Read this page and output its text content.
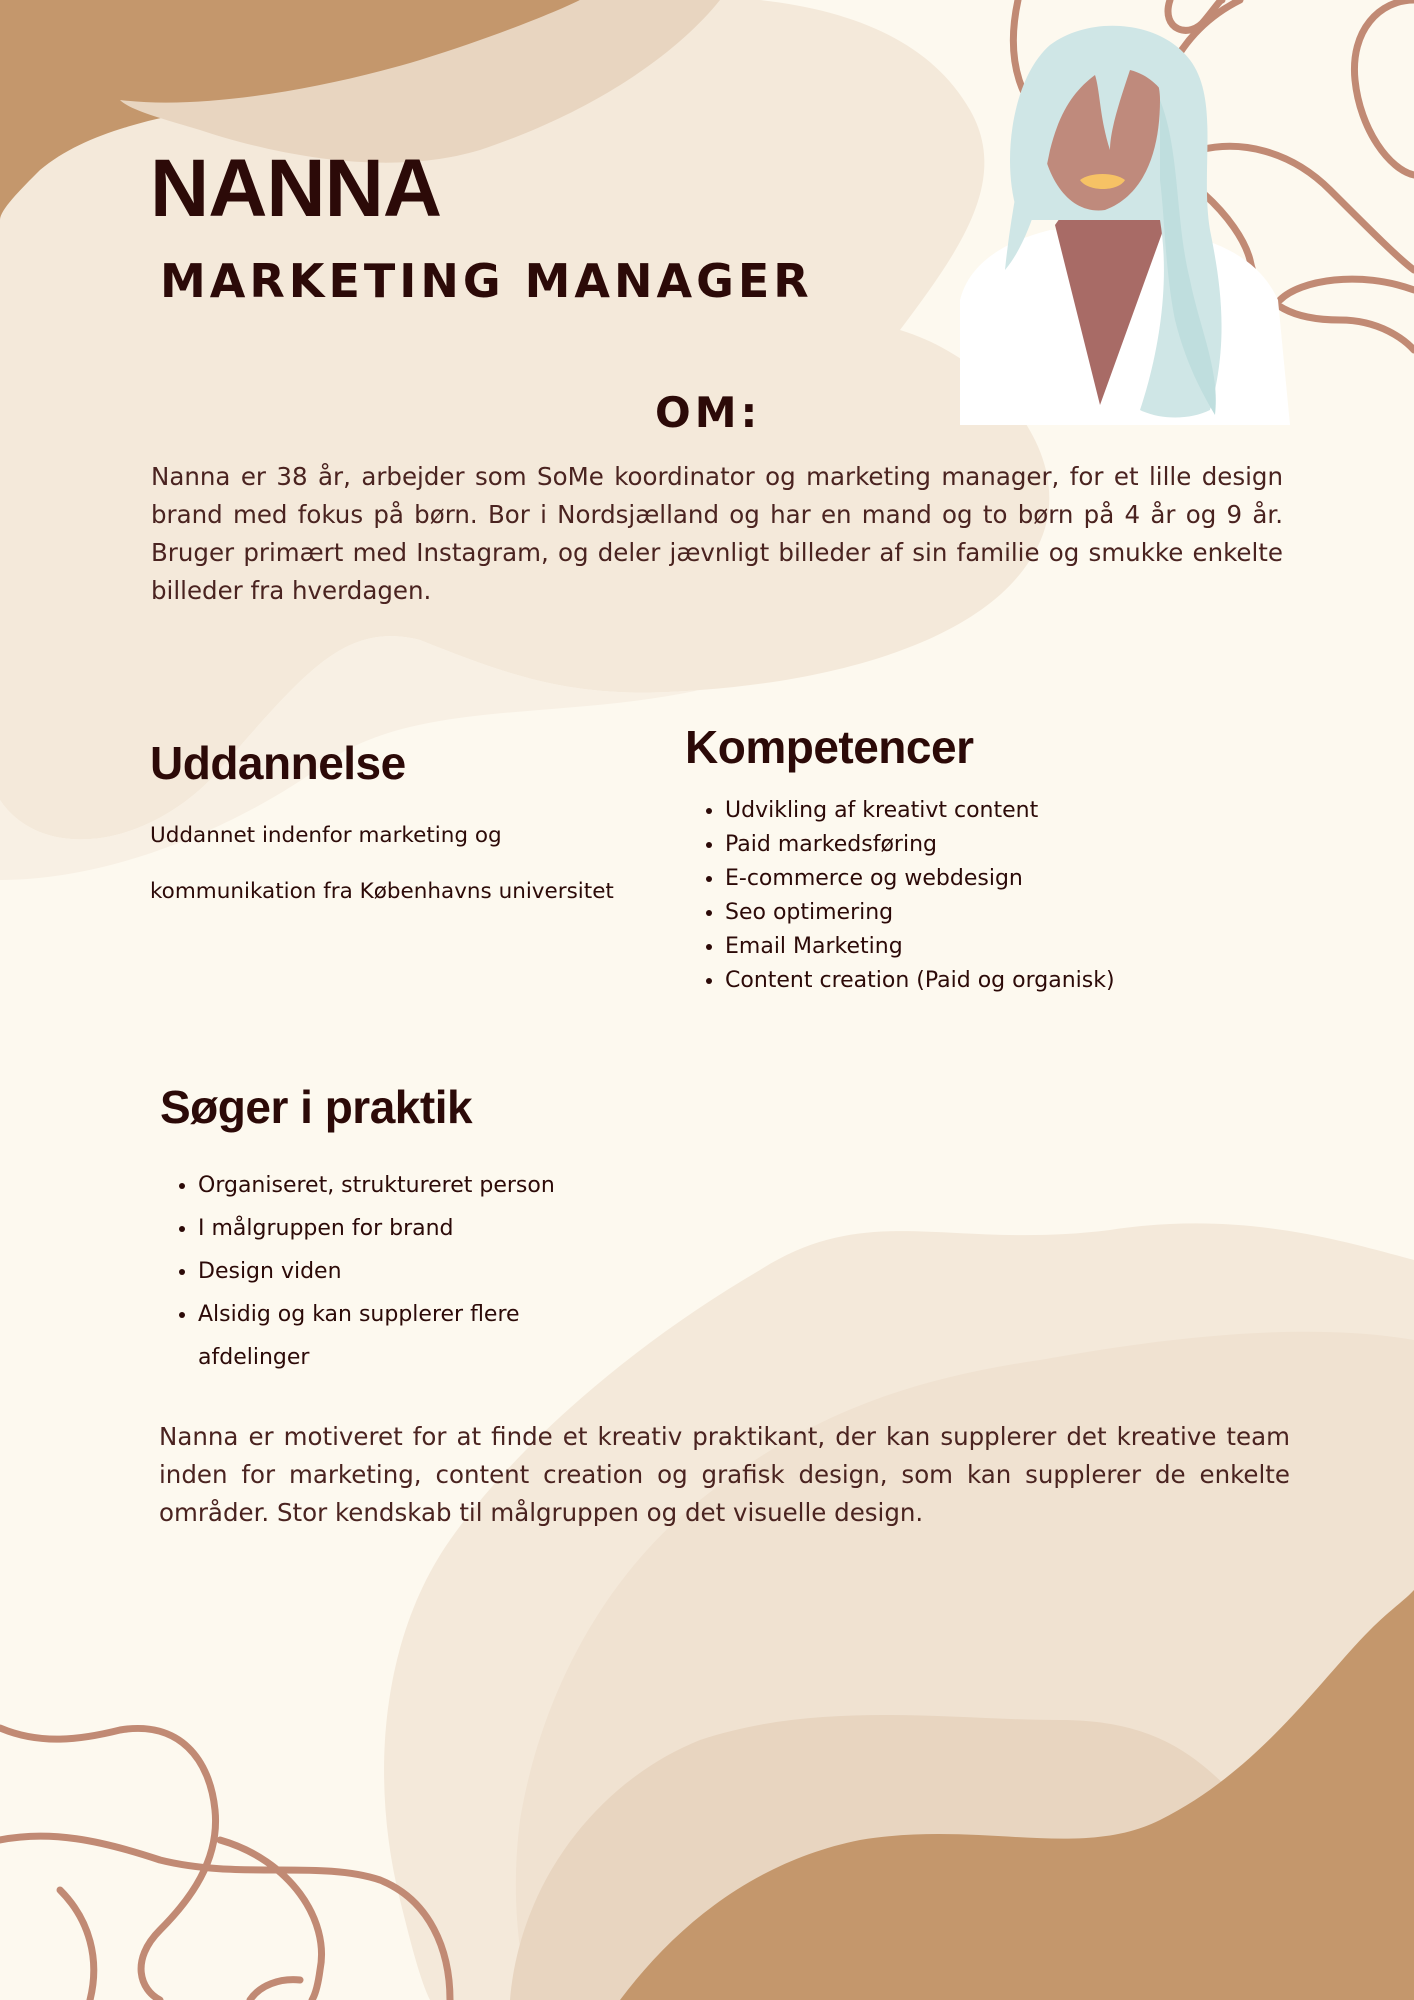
NANNA
MARKETING MANAGER
OM:
Nanna er 38 år, arbejder som SoMe koordinator og marketing manager, for et lille design brand med fokus på børn. Bor i Nordsjælland og har en mand og to børn på 4 år og 9 år. Bruger primært med Instagram, og deler jævnligt billeder af sin familie og smukke enkelte billeder fra hverdagen.
Uddannelse
Uddannet indenfor marketing og
kommunikation fra Københavns universitet
Kompetencer
• Udvikling af kreativt content
• Paid markedsføring
• E-commerce og webdesign
• Seo optimering
• Email Marketing
• Content creation (Paid og organisk)
Søger i praktik
• Organiseret, struktureret person
• I målgruppen for brand
• Design viden
• Alsidig og kan supplerer flere afdelinger
Nanna er motiveret for at finde et kreativ praktikant, der kan supplerer det kreative team inden for marketing, content creation og grafisk design, som kan supplerer de enkelte områder. Stor kendskab til målgruppen og det visuelle design.
